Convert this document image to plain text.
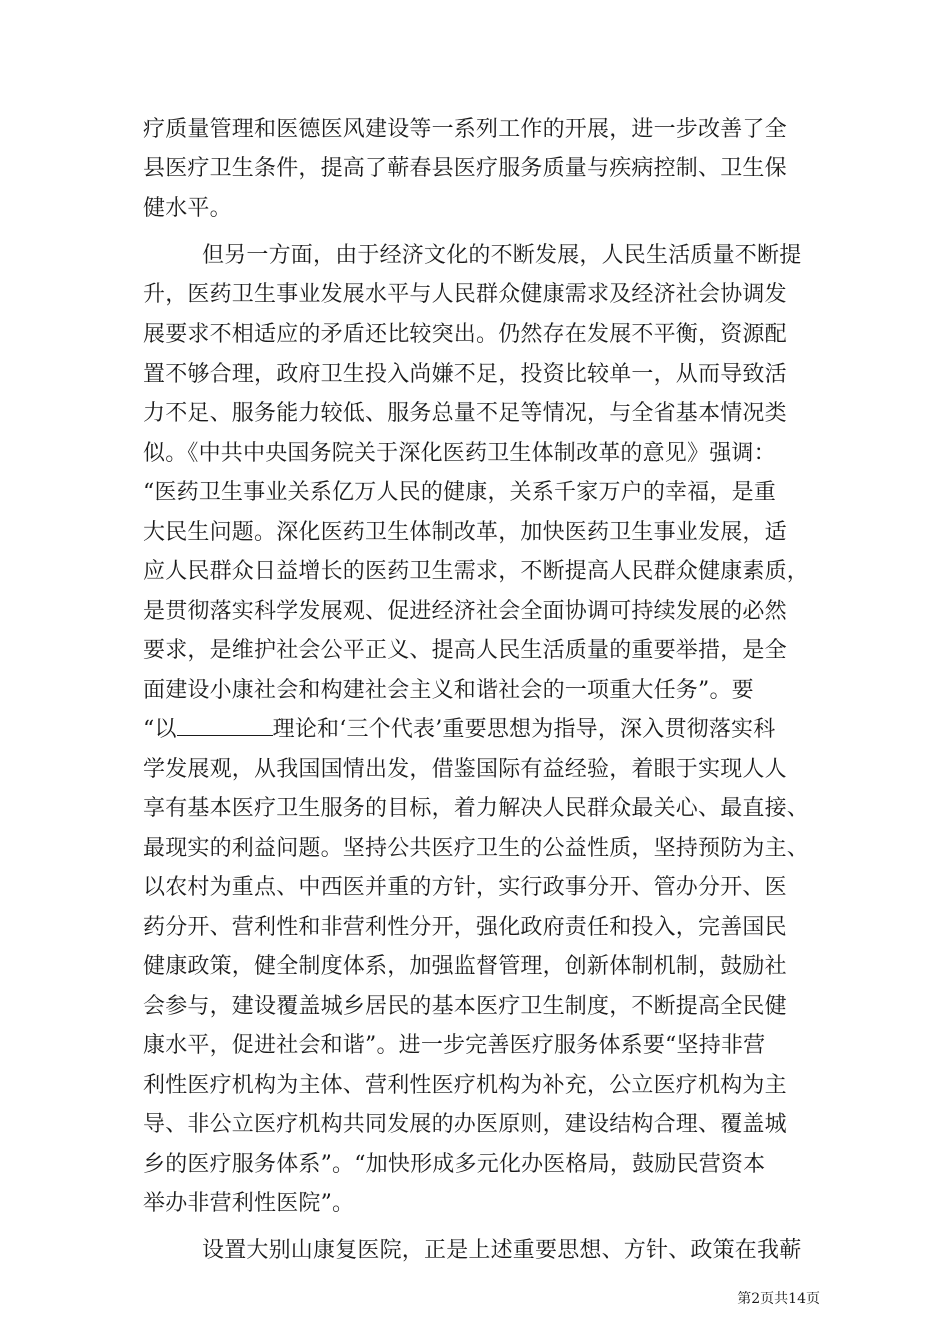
疗质量管理和医德医风建设等一系列工作的开展，进一步改善了全
县医疗卫生条件，提高了蕲春县医疗服务质量与疾病控制、卫生保
健水平。
但另一方面，由于经济文化的不断发展，人民生活质量不断提
升，医药卫生事业发展水平与人民群众健康需求及经济社会协调发
展要求不相适应的矛盾还比较突出。仍然存在发展不平衡，资源配
置不够合理，政府卫生投入尚嫌不足，投资比较单一，从而导致活
力不足、服务能力较低、服务总量不足等情况，与全省基本情况类
似。《中共中央国务院关于深化医药卫生体制改革的意见》强调：
“医药卫生事业关系亿万人民的健康，关系千家万户的幸福，是重
大民生问题。深化医药卫生体制改革，加快医药卫生事业发展，适
应人民群众日益增长的医药卫生需求，不断提高人民群众健康素质，
是贯彻落实科学发展观、促进经济社会全面协调可持续发展的必然
要求，是维护社会公平正义、提高人民生活质量的重要举措，是全
面建设小康社会和构建社会主义和谐社会的一项重大任务”。要
“以	理论和‘三个代表’重要思想为指导，深入贯彻落实科
学发展观，从我国国情出发，借鉴国际有益经验，着眼于实现人人
享有基本医疗卫生服务的目标，着力解决人民群众最关心、最直接、
最现实的利益问题。坚持公共医疗卫生的公益性质，坚持预防为主、
以农村为重点、中西医并重的方针，实行政事分开、管办分开、医
药分开、营利性和非营利性分开，强化政府责任和投入，完善国民
健康政策，健全制度体系，加强监督管理，创新体制机制，鼓励社
会参与，建设覆盖城乡居民的基本医疗卫生制度，不断提高全民健
康水平，促进社会和谐”。进一步完善医疗服务体系要“坚持非营
利性医疗机构为主体、营利性医疗机构为补充，公立医疗机构为主
导、非公立医疗机构共同发展的办医原则，建设结构合理、覆盖城
乡的医疗服务体系”。“加快形成多元化办医格局，鼓励民营资本
举办非营利性医院”。
设置大别山康复医院，正是上述重要思想、方针、政策在我蕲
第2页共14页
